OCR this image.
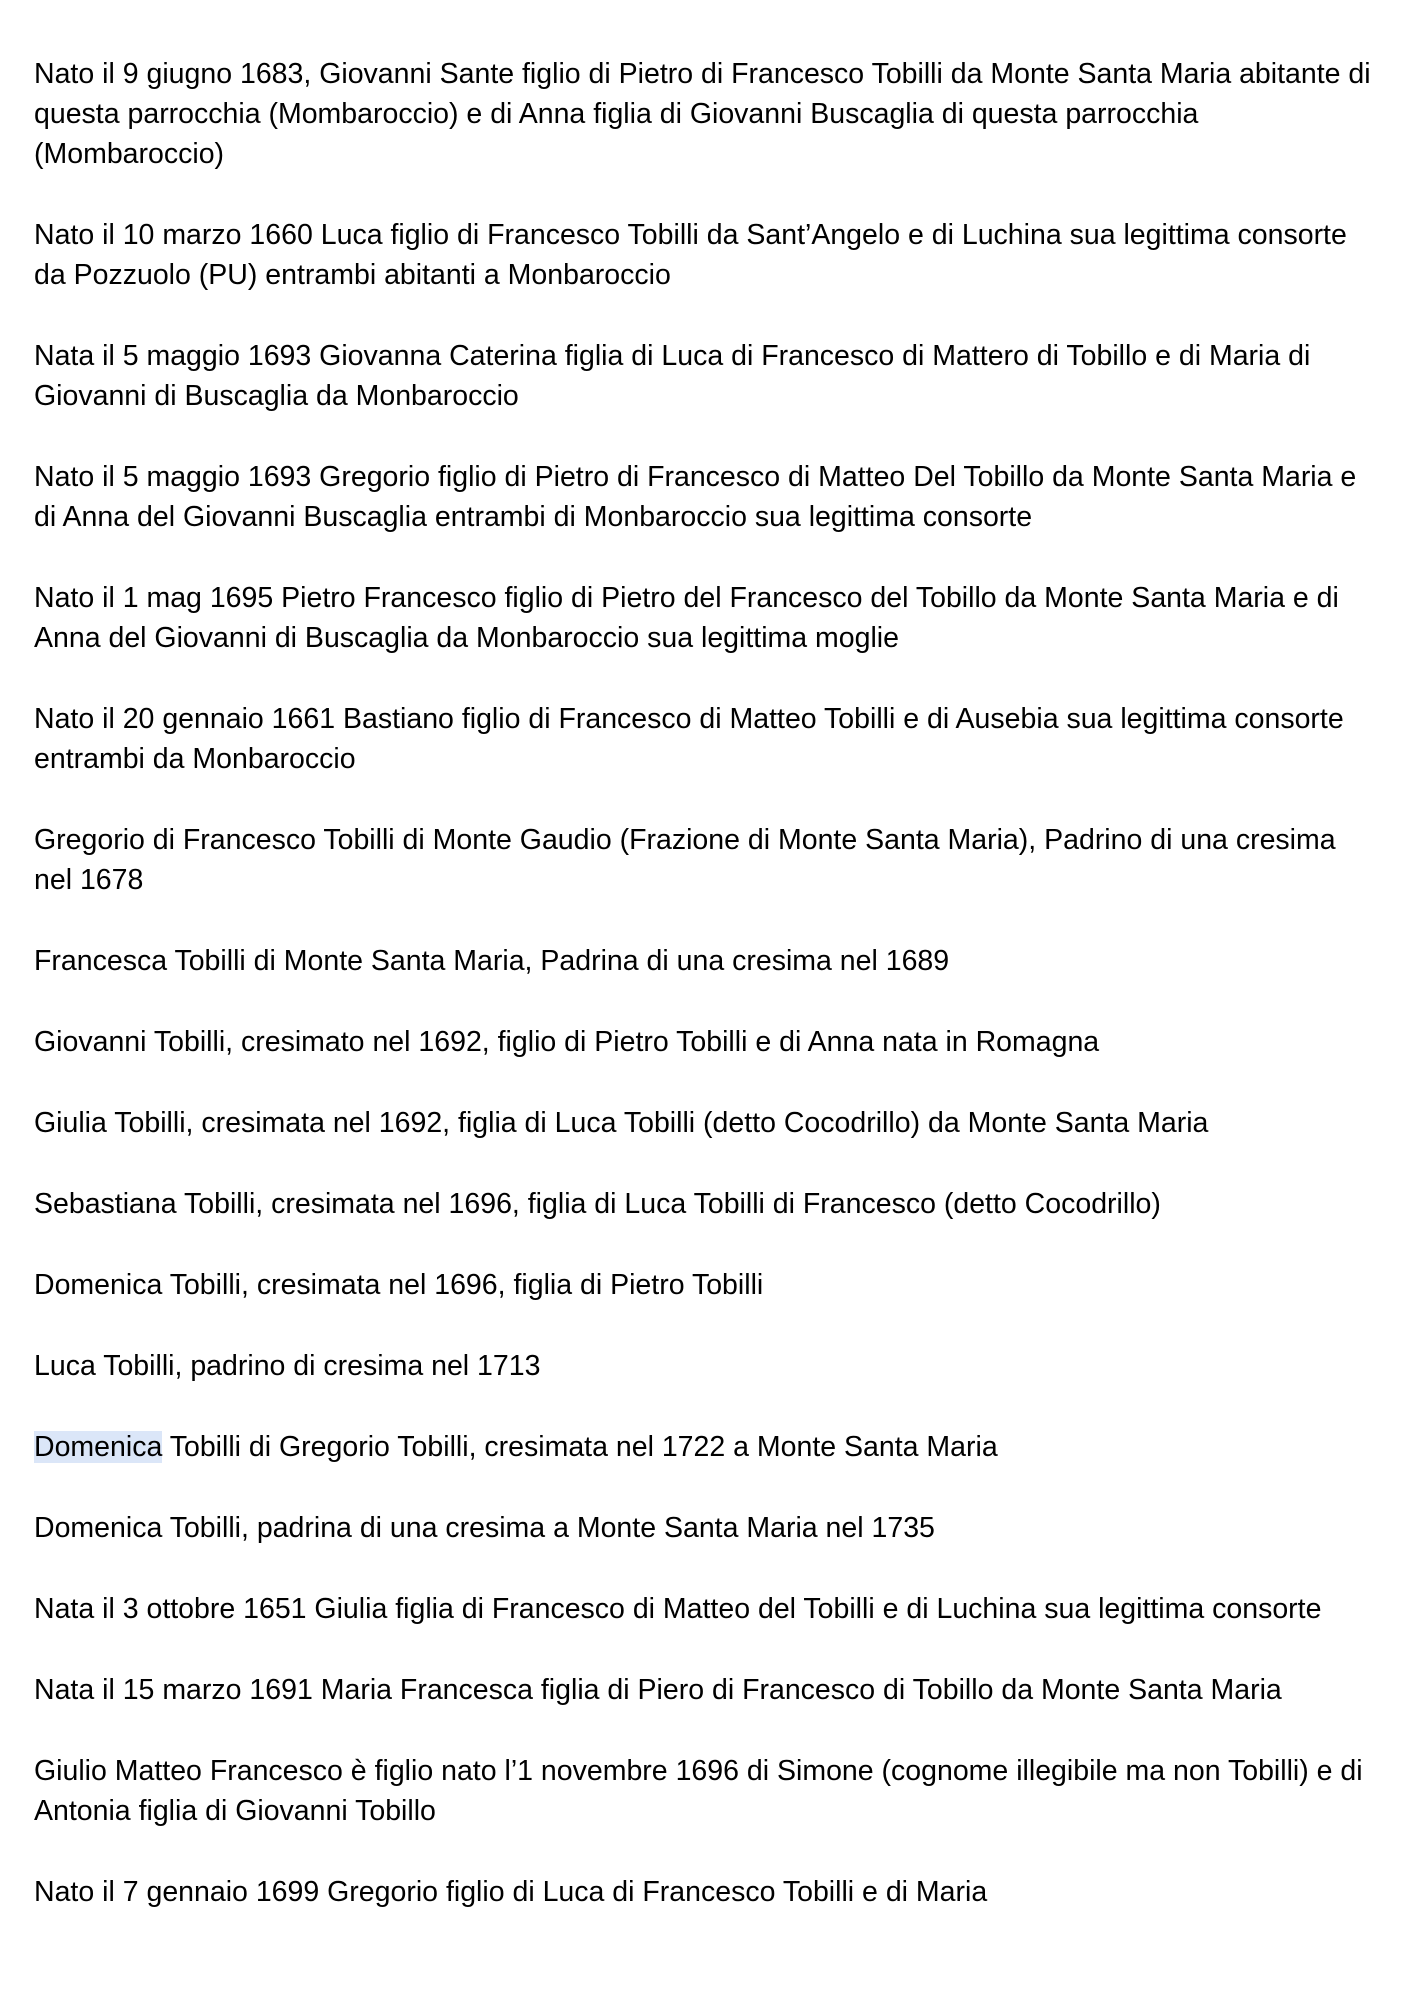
Nato il 9 giugno 1683, Giovanni Sante figlio di Pietro di Francesco Tobilli da Monte Santa Maria abitante di questa parrocchia (Mombaroccio) e di Anna figlia di Giovanni Buscaglia di questa parrocchia (Mombaroccio)

Nato il 10 marzo 1660 Luca figlio di Francesco Tobilli da Sant’Angelo e di Luchina sua legittima consorte da Pozzuolo (PU) entrambi abitanti a Monbaroccio

Nata il 5 maggio 1693 Giovanna Caterina figlia di Luca di Francesco di Mattero di Tobillo e di Maria di Giovanni di Buscaglia da Monbaroccio

Nato il 5 maggio 1693 Gregorio figlio di Pietro di Francesco di Matteo Del Tobillo da Monte Santa Maria e di Anna del Giovanni Buscaglia entrambi di Monbaroccio sua legittima consorte

Nato il 1 mag 1695 Pietro Francesco figlio di Pietro del Francesco del Tobillo da Monte Santa Maria e di Anna del Giovanni di Buscaglia da Monbaroccio sua legittima moglie

Nato il 20 gennaio 1661 Bastiano figlio di Francesco di Matteo Tobilli e di Ausebia sua legittima consorte entrambi da Monbaroccio

Gregorio di Francesco Tobilli di Monte Gaudio (Frazione di Monte Santa Maria), Padrino di una cresima nel 1678

Francesca Tobilli di Monte Santa Maria, Padrina di una cresima nel 1689

Giovanni Tobilli, cresimato nel 1692, figlio di Pietro Tobilli e di Anna nata in Romagna

Giulia Tobilli, cresimata nel 1692, figlia di Luca Tobilli (detto Cocodrillo) da Monte Santa Maria

Sebastiana Tobilli, cresimata nel 1696, figlia di Luca Tobilli di Francesco (detto Cocodrillo)

Domenica Tobilli, cresimata nel 1696, figlia di Pietro Tobilli

Luca Tobilli, padrino di cresima nel 1713

Domenica Tobilli di Gregorio Tobilli, cresimata nel 1722 a Monte Santa Maria

Domenica Tobilli, padrina di una cresima a Monte Santa Maria nel 1735

Nata il 3 ottobre 1651 Giulia figlia di Francesco di Matteo del Tobilli e di Luchina sua legittima consorte

Nata il 15 marzo 1691 Maria Francesca figlia di Piero di Francesco di Tobillo da Monte Santa Maria

Giulio Matteo Francesco è figlio nato l’1 novembre 1696 di Simone (cognome illegibile ma non Tobilli) e di Antonia figlia di Giovanni Tobillo

Nato il 7 gennaio 1699 Gregorio figlio di Luca di Francesco Tobilli e di Maria
